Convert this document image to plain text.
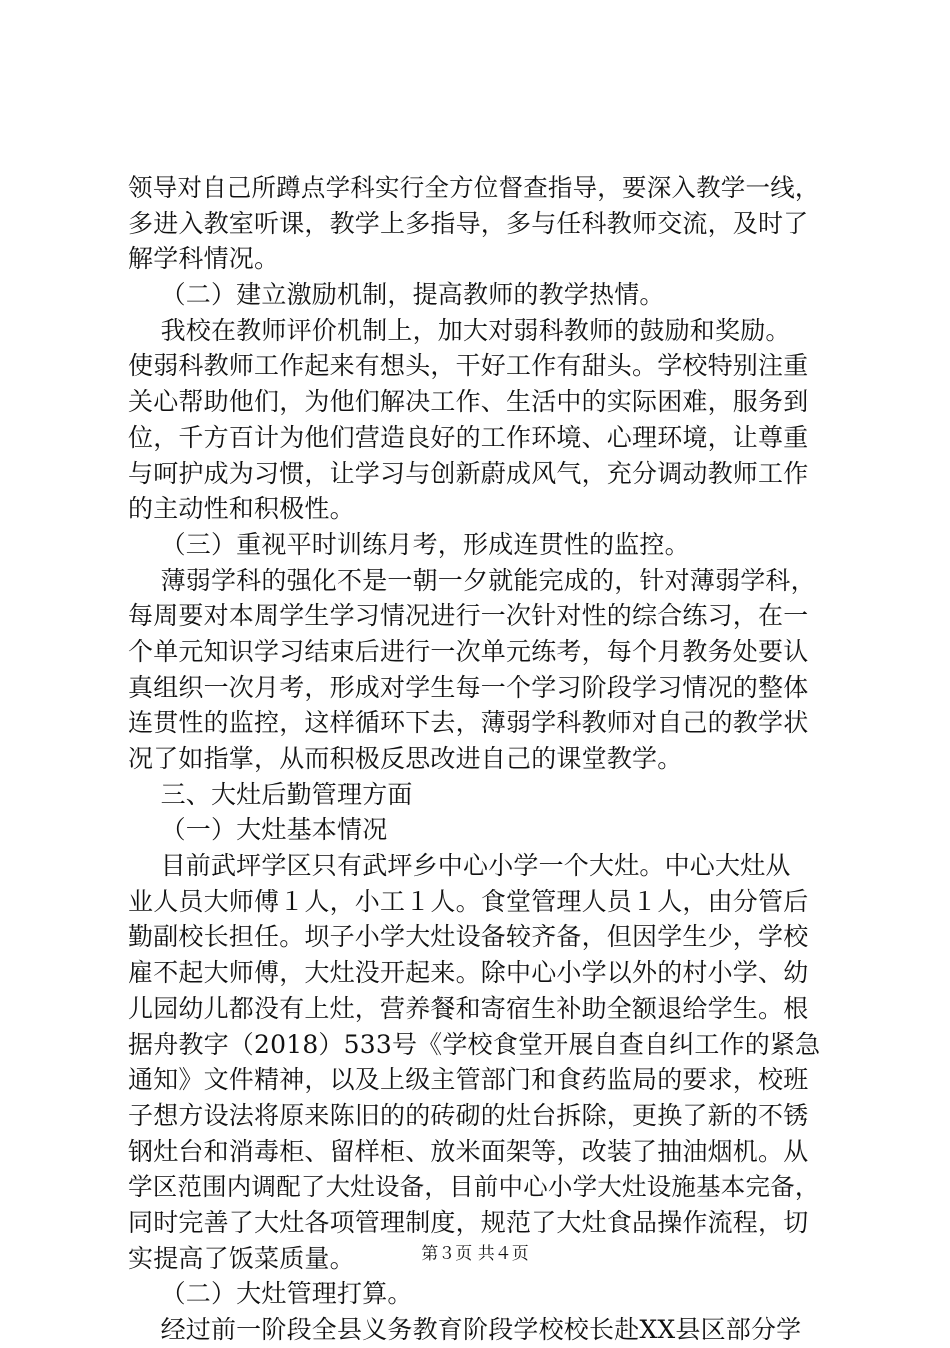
领导对自己所蹲点学科实行全方位督查指导，要深入教学一线，
多进入教室听课，教学上多指导，多与任科教师交流，及时了
解学科情况。
（二）建立激励机制，提高教师的教学热情。
我校在教师评价机制上，加大对弱科教师的鼓励和奖励。
使弱科教师工作起来有想头，干好工作有甜头。学校特别注重
关心帮助他们，为他们解决工作、生活中的实际困难，服务到
位，千方百计为他们营造良好的工作环境、心理环境，让尊重
与呵护成为习惯，让学习与创新蔚成风气，充分调动教师工作
的主动性和积极性。
（三）重视平时训练月考，形成连贯性的监控。
薄弱学科的强化不是一朝一夕就能完成的，针对薄弱学科，
每周要对本周学生学习情况进行一次针对性的综合练习，在一
个单元知识学习结束后进行一次单元练考，每个月教务处要认
真组织一次月考，形成对学生每一个学习阶段学习情况的整体
连贯性的监控，这样循环下去，薄弱学科教师对自己的教学状
况了如指掌，从而积极反思改进自己的课堂教学。
三、大灶后勤管理方面
（一）大灶基本情况
目前武坪学区只有武坪乡中心小学一个大灶。中心大灶从
业人员大师傅１人，小工１人。食堂管理人员１人，由分管后
勤副校长担任。坝子小学大灶设备较齐备，但因学生少，学校
雇不起大师傅，大灶没开起来。除中心小学以外的村小学、幼
儿园幼儿都没有上灶，营养餐和寄宿生补助全额退给学生。根
据舟教字（2018）533号《学校食堂开展自查自纠工作的紧急
通知》文件精神，以及上级主管部门和食药监局的要求，校班
子想方设法将原来陈旧的的砖砌的灶台拆除，更换了新的不锈
钢灶台和消毒柜、留样柜、放米面架等，改装了抽油烟机。从
学区范围内调配了大灶设备，目前中心小学大灶设施基本完备，
同时完善了大灶各项管理制度，规范了大灶食品操作流程，切
实提高了饭菜质量。
（二）大灶管理打算。
经过前一阶段全县义务教育阶段学校校长赴XX县区部分学
第３页 共４页
